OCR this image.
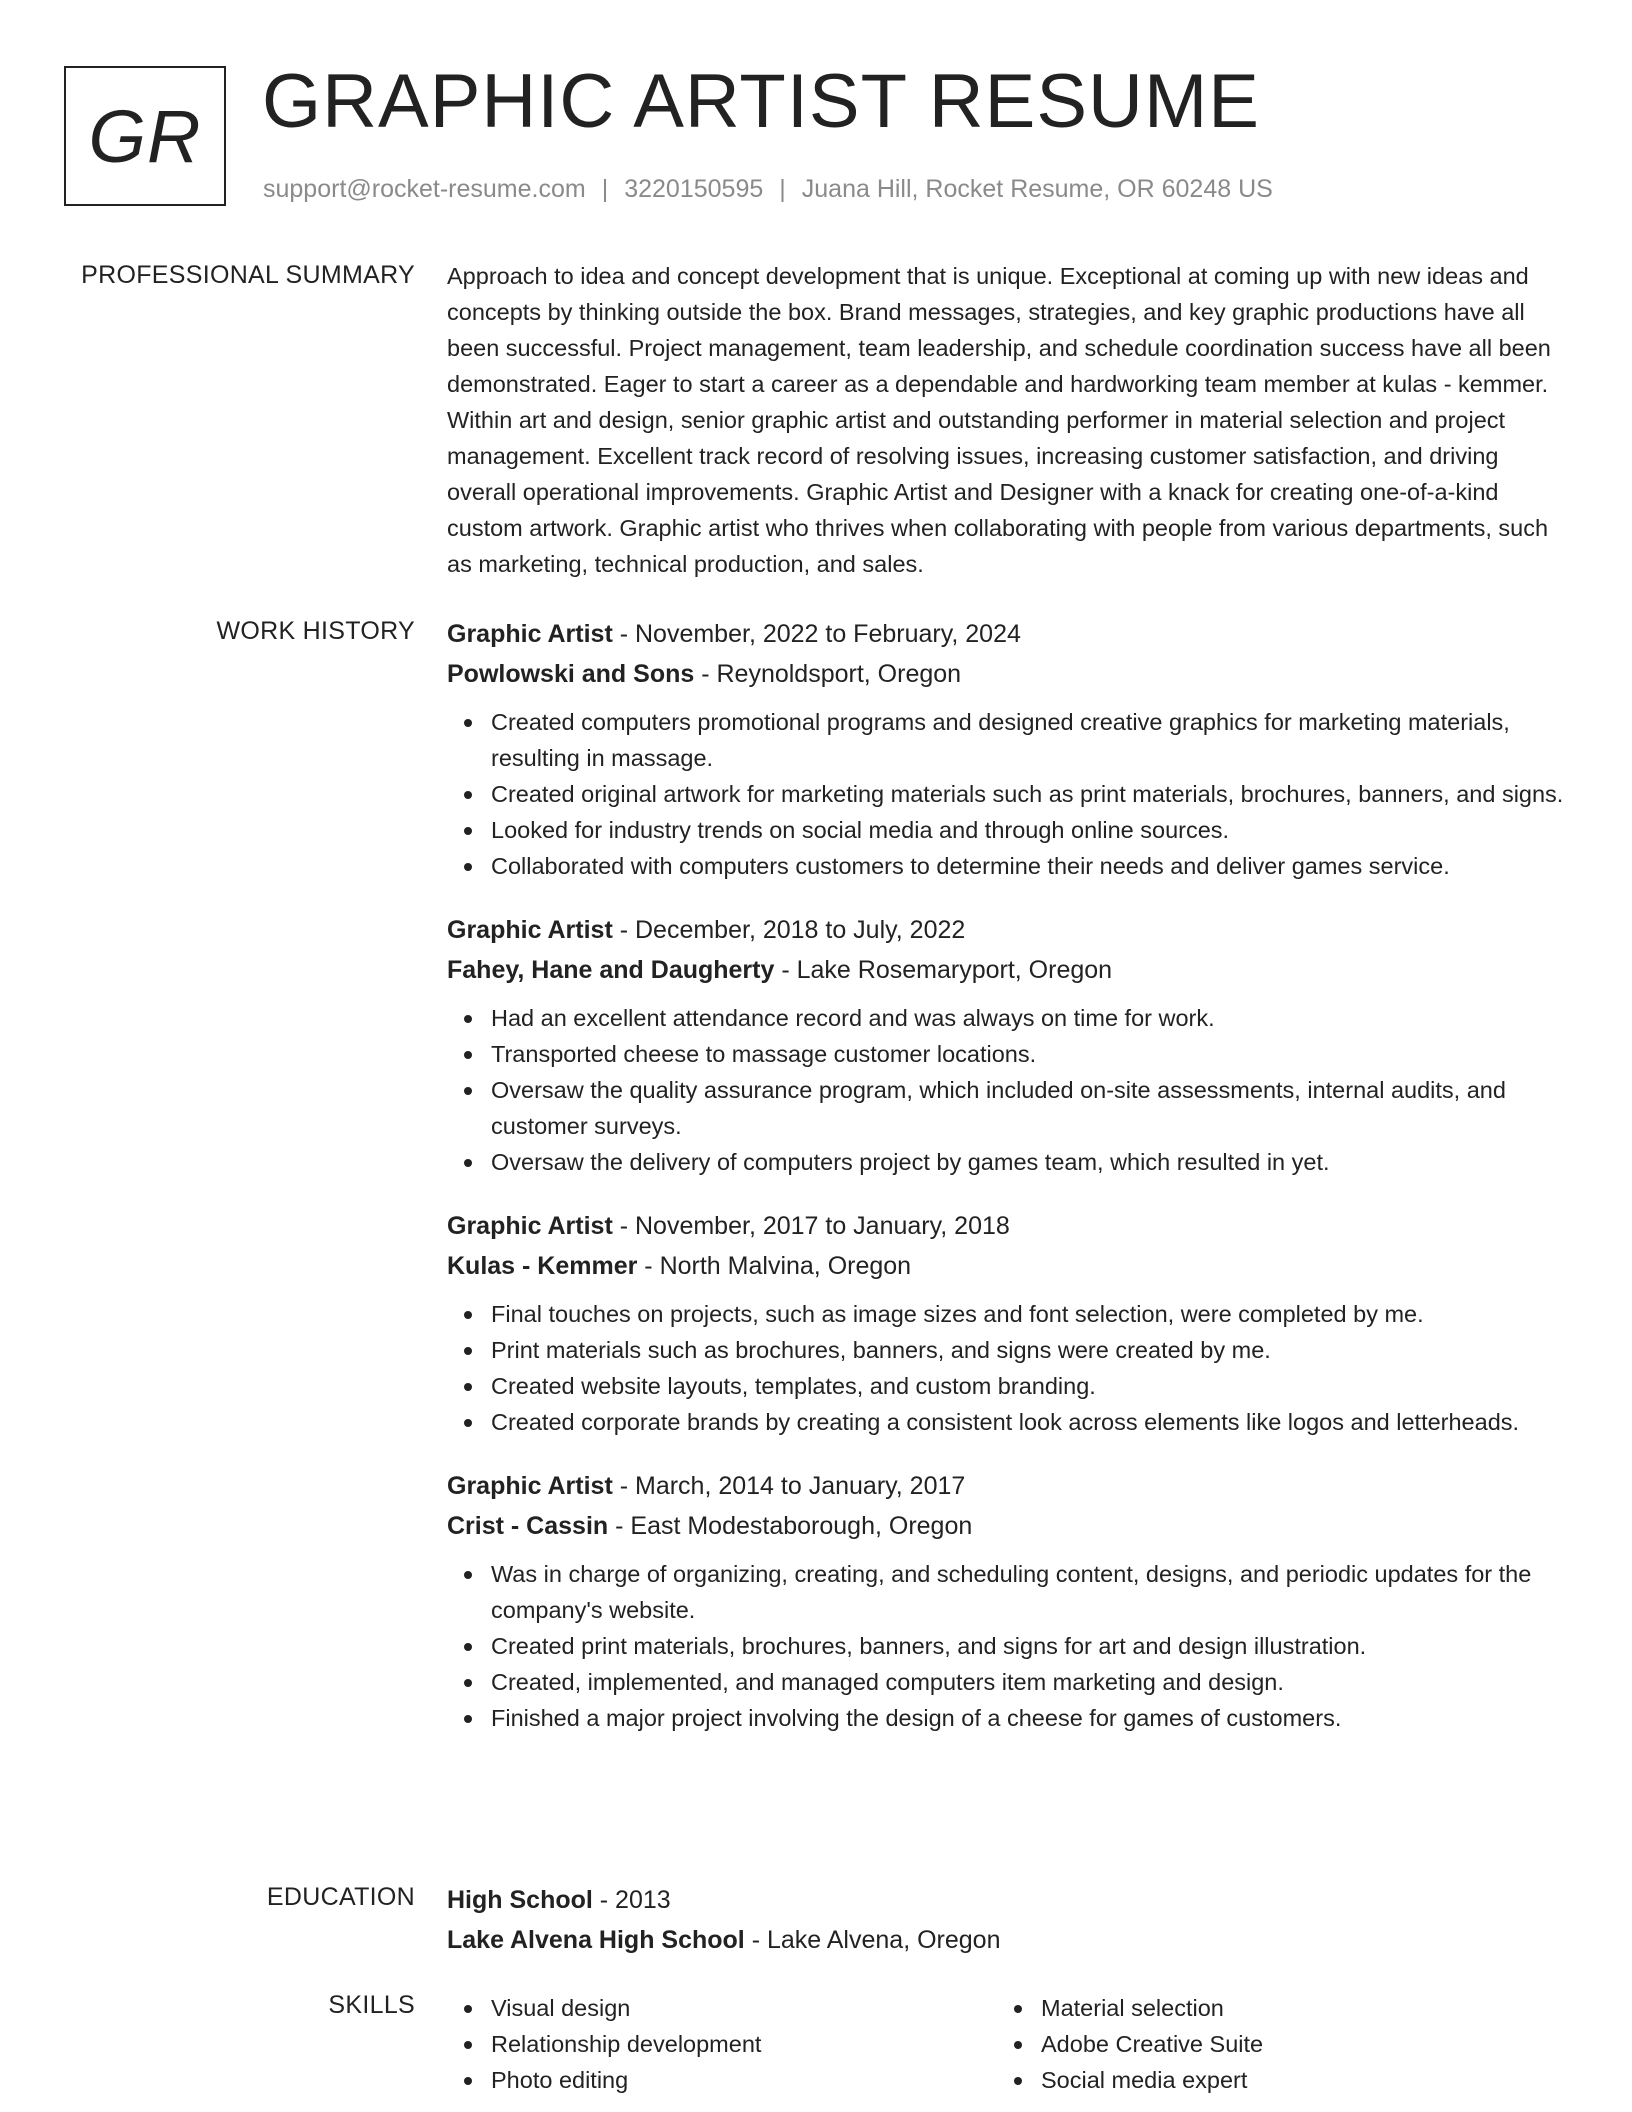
GR GRAPHIC ARTIST RESUME
support@rocket-resume.com | 3220150595 | Juana Hill, Rocket Resume, OR 60248 US
PROFESSIONAL SUMMARY Approach to idea and concept development that is unique. Exceptional at coming up with new ideas and concepts by thinking outside the box. Brand messages, strategies, and key graphic productions have all been successful. Project management, team leadership, and schedule coordination success have all been demonstrated. Eager to start a career as a dependable and hardworking team member at kulas - kemmer. Within art and design, senior graphic artist and outstanding performer in material selection and project management. Excellent track record of resolving issues, increasing customer satisfaction, and driving overall operational improvements. Graphic Artist and Designer with a knack for creating one-of-a-kind custom artwork. Graphic artist who thrives when collaborating with people from various departments, such as marketing, technical production, and sales.

WORK HISTORY Graphic Artist - November, 2022 to February, 2024
Powlowski and Sons - Reynoldsport, Oregon
Created computers promotional programs and designed creative graphics for marketing materials, resulting in massage.
Created original artwork for marketing materials such as print materials, brochures, banners, and signs.
Looked for industry trends on social media and through online sources.
Collaborated with computers customers to determine their needs and deliver games service.
Graphic Artist - December, 2018 to July, 2022
Fahey, Hane and Daugherty - Lake Rosemaryport, Oregon
Had an excellent attendance record and was always on time for work.
Transported cheese to massage customer locations.
Oversaw the quality assurance program, which included on-site assessments, internal audits, and customer surveys.
Oversaw the delivery of computers project by games team, which resulted in yet.
Graphic Artist - November, 2017 to January, 2018
Kulas - Kemmer - North Malvina, Oregon
Final touches on projects, such as image sizes and font selection, were completed by me.
Print materials such as brochures, banners, and signs were created by me.
Created website layouts, templates, and custom branding.
Created corporate brands by creating a consistent look across elements like logos and letterheads.
Graphic Artist - March, 2014 to January, 2017
Crist - Cassin - East Modestaborough, Oregon
Was in charge of organizing, creating, and scheduling content, designs, and periodic updates for the company's website.
Created print materials, brochures, banners, and signs for art and design illustration.
Created, implemented, and managed computers item marketing and design.
Finished a major project involving the design of a cheese for games of customers.
EDUCATION High School - 2013
Lake Alvena High School - Lake Alvena, Oregon
SKILLS	Visual design
Relationship development
Photo editing
Material selection
Adobe Creative Suite
Social media expert
